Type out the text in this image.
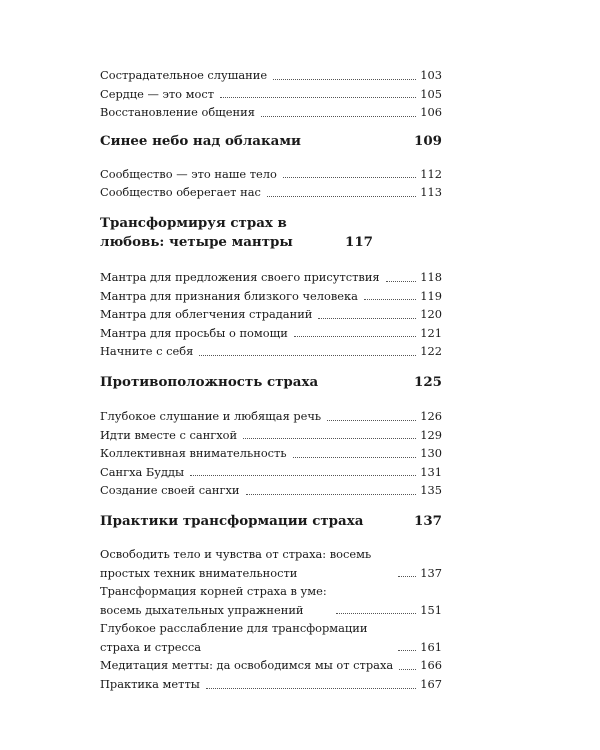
Сострадательное слушание	103
Сердце — это мост	105
Восстановление общения	106
Синее небо над облаками	109
Сообщество — это наше тело	112
Сообщество оберегает нас	113
Трансформируя страх в любовь: четыре мантры	117
Мантра для предложения своего присутствия	118
Мантра для признания близкого человека	119
Мантра для облегчения страданий	120
Мантра для просьбы о помощи	121
Начните с себя	122
Противоположность страха	125
Глубокое слушание и любящая речь	126
Идти вместе с сангхой	129
Коллективная внимательность	130
Сангха Будды	131
Создание своей сангхи	135
Практики трансформации страха	137
Освободить тело и чувства от страха: восемь простых техник внимательности	137
Трансформация корней страха в уме: восемь дыхательных упражнений	151
Глубокое расслабление для трансформации страха и стресса	161
Медитация метты: да освободимся мы от страха 166
Практика метты	167
